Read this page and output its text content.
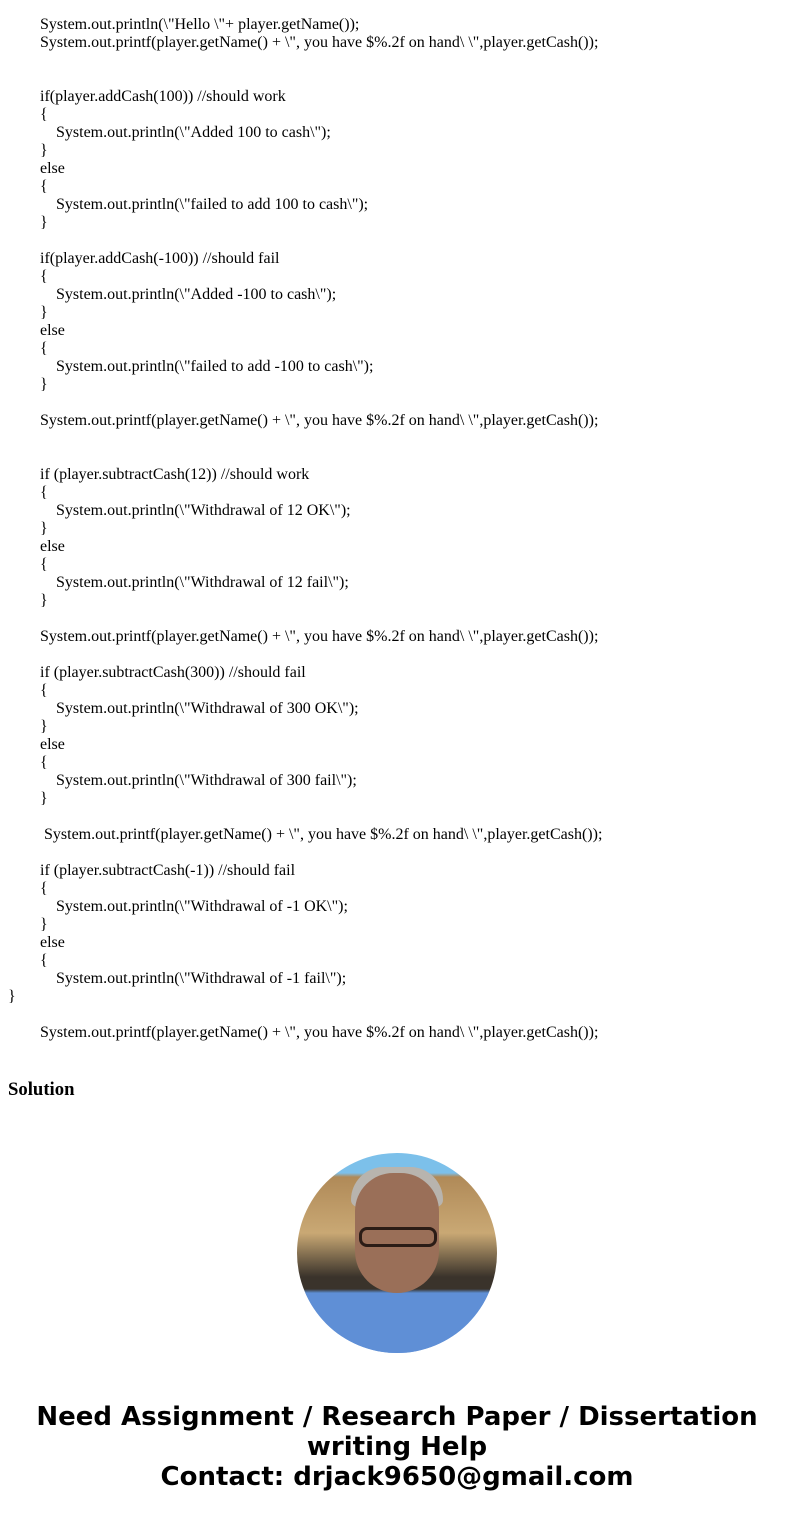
System.out.println(\"Hello \"+ player.getName());
System.out.printf(player.getName() + \", you have $%.2f on hand\ \",player.getCash());
if(player.addCash(100)) //should work
{
System.out.println(\"Added 100 to cash\");
}
else
{
System.out.println(\"failed to add 100 to cash\");
}
if(player.addCash(-100)) //should fail
{
System.out.println(\"Added -100 to cash\");
}
else
{
System.out.println(\"failed to add -100 to cash\");
}
System.out.printf(player.getName() + \", you have $%.2f on hand\ \",player.getCash());
if (player.subtractCash(12)) //should work
{
System.out.println(\"Withdrawal of 12 OK\");
}
else
{
System.out.println(\"Withdrawal of 12 fail\");
}
System.out.printf(player.getName() + \", you have $%.2f on hand\ \",player.getCash());
if (player.subtractCash(300)) //should fail
{
System.out.println(\"Withdrawal of 300 OK\");
}
else
{
System.out.println(\"Withdrawal of 300 fail\");
}
System.out.printf(player.getName() + \", you have $%.2f on hand\ \",player.getCash());
if (player.subtractCash(-1)) //should fail
{
System.out.println(\"Withdrawal of -1 OK\");
}
else
{
System.out.println(\"Withdrawal of -1 fail\");
}
System.out.printf(player.getName() + \", you have $%.2f on hand\ \",player.getCash());
Solution
Need Assignment / Research Paper / Dissertation
writing Help
Contact: drjack9650@gmail.com
